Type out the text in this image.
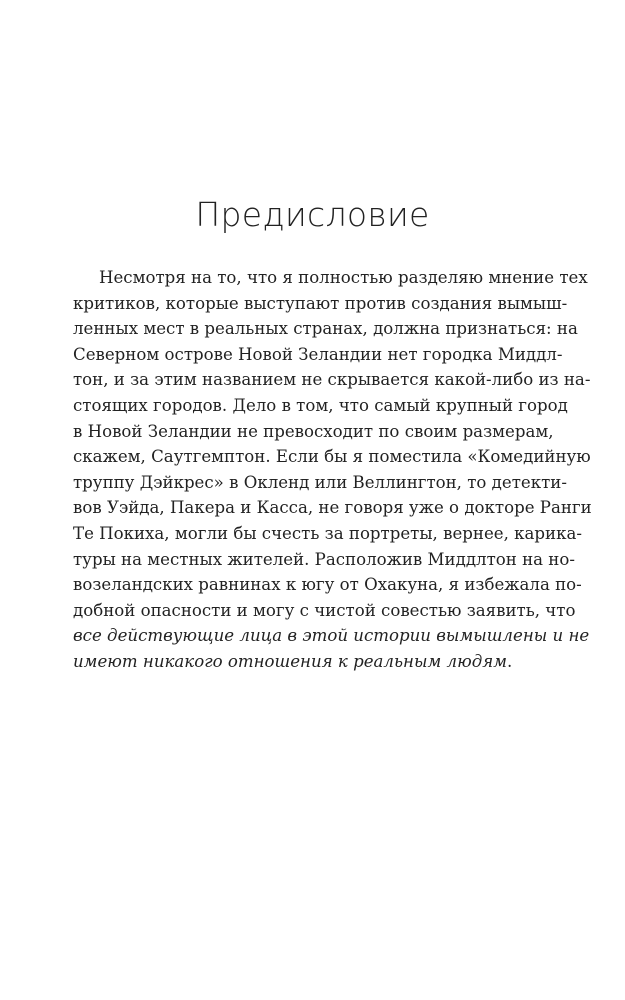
Предисловие
Несмотря на то, что я полностью разделяю мнение тех
критиков, которые выступают против создания вымыш-
ленных мест в реальных странах, должна признаться: на
Северном острове Новой Зеландии нет городка Миддл-
тон, и за этим названием не скрывается какой-либо из на-
стоящих городов. Дело в том, что самый крупный город
в Новой Зеландии не превосходит по своим размерам,
скажем, Саутгемптон. Если бы я поместила «Комедийную
труппу Дэйкрес» в Окленд или Веллингтон, то детекти-
вов Уэйда, Пакера и Касса, не говоря уже о докторе Ранги
Те Покиха, могли бы счесть за портреты, вернее, карика-
туры на местных жителей. Расположив Миддлтон на но-
возеландских равнинах к югу от Охакуна, я избежала по-
добной опасности и могу с чистой совестью заявить, что
все действующие лица в этой истории вымышлены и не
имеют никакого отношения к реальным людям.
